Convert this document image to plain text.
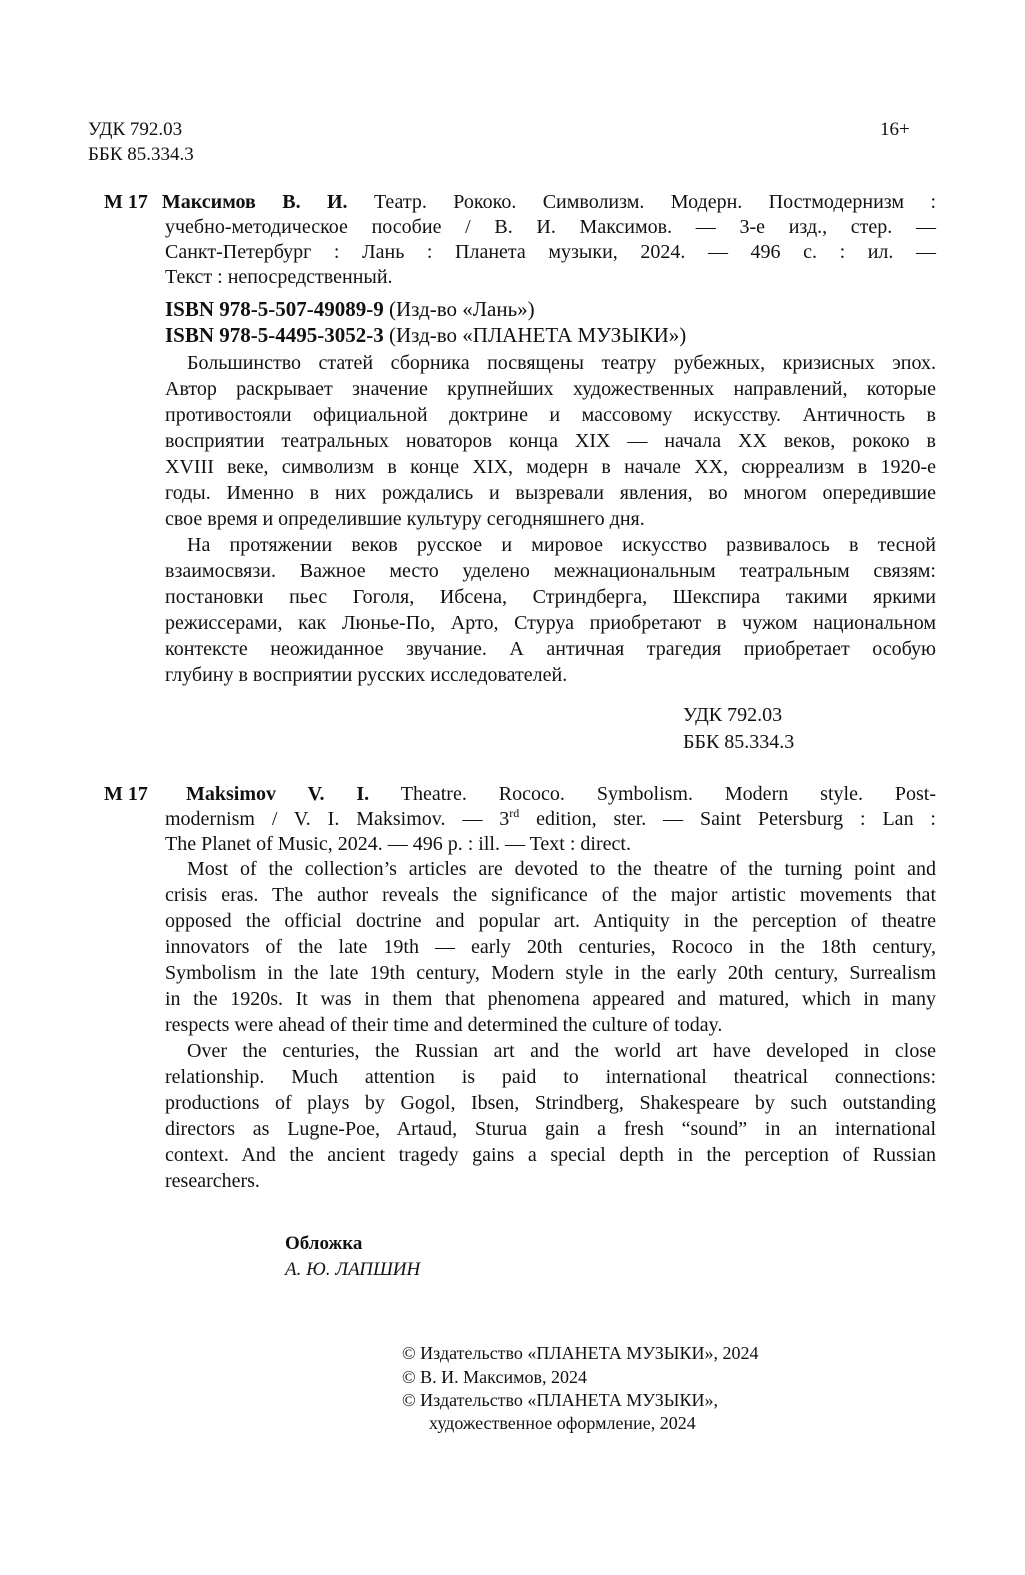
УДК 792.03
ББК 85.334.3
16+
М 17 Максимов В. И. Театр. Рококо. Символизм. Модерн. Постмодернизм :
учебно-методическое пособие / В. И. Максимов. — 3-е изд., стер. —
Санкт-Петербург : Лань : Планета музыки, 2024. — 496 с. : ил. —
Текст : непосредственный.
ISBN 978-5-507-49089-9 (Изд-во «Лань»)
ISBN 978-5-4495-3052-3 (Изд-во «ПЛАНЕТА МУЗЫКИ»)
Большинство статей сборника посвящены театру рубежных, кризисных эпох.
Автор раскрывает значение крупнейших художественных направлений, которые
противостояли официальной доктрине и массовому искусству. Античность в
восприятии театральных новаторов конца XIX — начала XX веков, рококо в
XVIII веке, символизм в конце XIX, модерн в начале XX, сюрреализм в 1920-е
годы. Именно в них рождались и вызревали явления, во многом опередившие
свое время и определившие культуру сегодняшнего дня.
На протяжении веков русское и мировое искусство развивалось в тесной
взаимосвязи. Важное место уделено межнациональным театральным связям:
постановки пьес Гоголя, Ибсена, Стриндберга, Шекспира такими яркими
режиссерами, как Люнье-По, Арто, Стуруа приобретают в чужом национальном
контексте неожиданное звучание. А античная трагедия приобретает особую
глубину в восприятии русских исследователей.
УДК 792.03
ББК 85.334.3
M 17	Maksimov V. I. Theatre. Rococo. Symbolism. Modern style. Post-
modernism / V. I. Maksimov. — 3rd edition, ster. — Saint Petersburg : Lan :
The Planet of Music, 2024. — 496 p. : ill. — Text : direct.
Most of the collection’s articles are devoted to the theatre of the turning point and
crisis eras. The author reveals the significance of the major artistic movements that
opposed the official doctrine and popular art. Antiquity in the perception of theatre
innovators of the late 19th — early 20th centuries, Rococo in the 18th century,
Symbolism in the late 19th century, Modern style in the early 20th century, Surrealism
in the 1920s. It was in them that phenomena appeared and matured, which in many
respects were ahead of their time and determined the culture of today.
Over the centuries, the Russian art and the world art have developed in close
relationship. Much attention is paid to international theatrical connections:
productions of plays by Gogol, Ibsen, Strindberg, Shakespeare by such outstanding
directors as Lugne-Poe, Artaud, Sturua gain a fresh “sound” in an international
context. And the ancient tragedy gains a special depth in the perception of Russian
researchers.
Обложка
А. Ю. ЛАПШИН
© Издательство «ПЛАНЕТА МУЗЫКИ», 2024
© В. И. Максимов, 2024
© Издательство «ПЛАНЕТА МУЗЫКИ»,
художественное оформление, 2024
